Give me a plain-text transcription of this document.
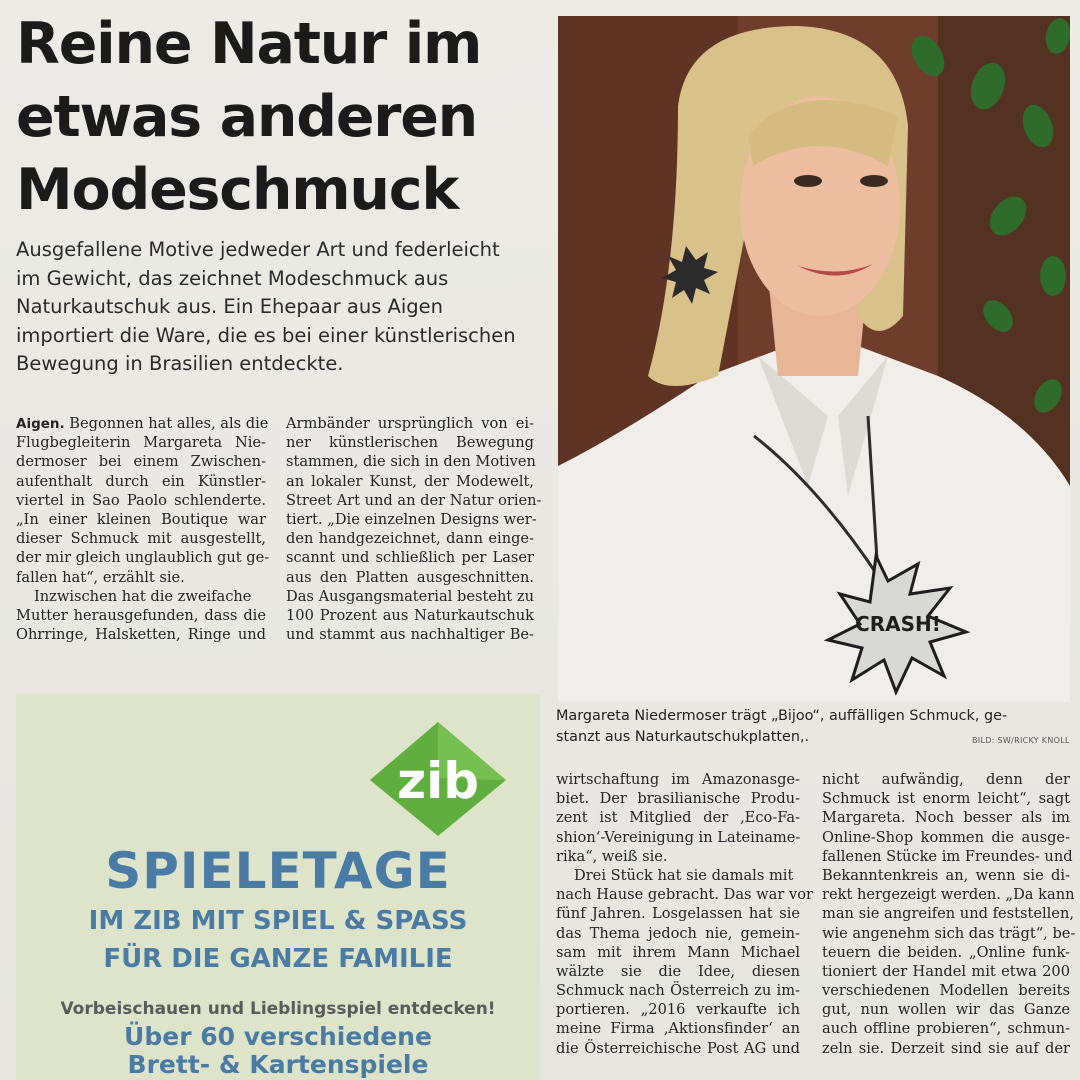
Reine Natur im
etwas anderen
Modeschmuck

Ausgefallene Motive jedweder Art und federleicht
im Gewicht, das zeichnet Modeschmuck aus
Naturkautschuk aus. Ein Ehepaar aus Aigen
importiert die Ware, die es bei einer künstlerischen
Bewegung in Brasilien entdeckte.

Aigen. Begonnen hat alles, als die
Flugbegleiterin Margareta Nie-
dermoser bei einem Zwischen-
aufenthalt durch ein Künstler-
viertel in Sao Paolo schlenderte.
„In einer kleinen Boutique war
dieser Schmuck mit ausgestellt,
der mir gleich unglaublich gut ge-
fallen hat“, erzählt sie.
Inzwischen hat die zweifache
Mutter herausgefunden, dass die
Ohrringe, Halsketten, Ringe und
Armbänder ursprünglich von ei-
ner künstlerischen Bewegung
stammen, die sich in den Motiven
an lokaler Kunst, der Modewelt,
Street Art und an der Natur orien-
tiert. „Die einzelnen Designs wer-
den handgezeichnet, dann einge-
scannt und schließlich per Laser
aus den Platten ausgeschnitten.
Das Ausgangsmaterial besteht zu
100 Prozent aus Naturkautschuk
und stammt aus nachhaltiger Be-	CRASH!
Margareta Niedermoser trägt „Bijoo“, auffälligen Schmuck, ge-
stanzt aus Naturkautschukplatten,.	BILD: SW/RICKY KNOLL
wirtschaftung im Amazonasge-
biet. Der brasilianische Produ-
zent ist Mitglied der ‚Eco-Fa-
shion‘-Vereinigung in Lateiname-
rika“, weiß sie.
Drei Stück hat sie damals mit
nach Hause gebracht. Das war vor
fünf Jahren. Losgelassen hat sie
das Thema jedoch nie, gemein-
sam mit ihrem Mann Michael
wälzte sie die Idee, diesen
Schmuck nach Österreich zu im-
portieren. „2016 verkaufte ich
meine Firma ‚Aktionsfinder‘ an
die Österreichische Post AG und
nicht aufwändig, denn der
Schmuck ist enorm leicht“, sagt
Margareta. Noch besser als im
Online-Shop kommen die ausge-
fallenen Stücke im Freundes- und
Bekanntenkreis an, wenn sie di-
rekt hergezeigt werden. „Da kann
man sie angreifen und feststellen,
wie angenehm sich das trägt“, be-
teuern die beiden. „Online funk-
tioniert der Handel mit etwa 200
verschiedenen Modellen bereits
gut, nun wollen wir das Ganze
auch offline probieren“, schmun-
zeln sie. Derzeit sind sie auf der
zib
SPIELETAGE
IM ZIB MIT SPIEL & SPASS
FÜR DIE GANZE FAMILIE
Vorbeischauen und Lieblingsspiel entdecken!
Über 60 verschiedene
Brett- & Kartenspiele
